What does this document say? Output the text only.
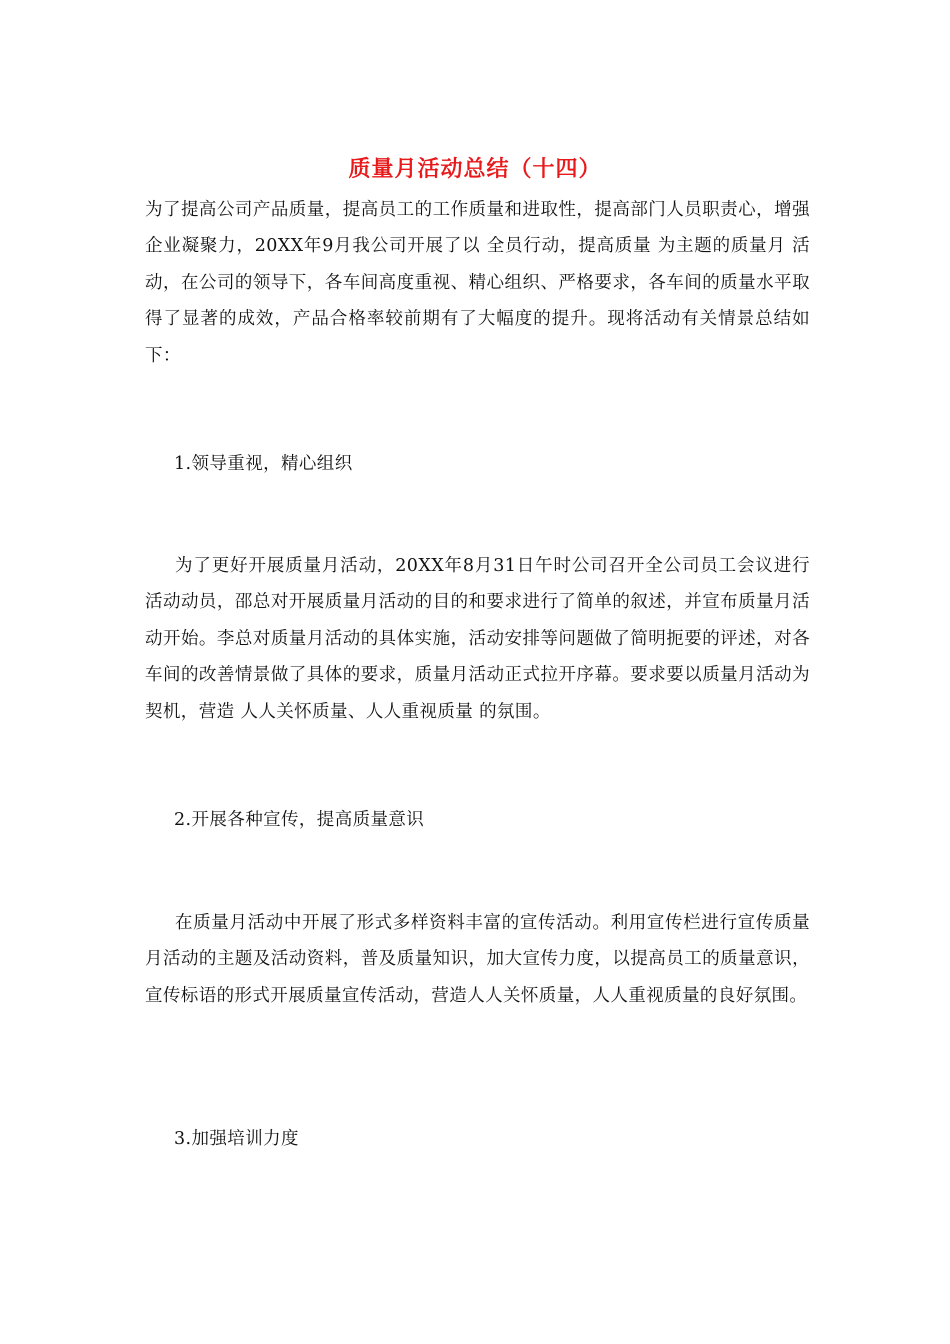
质量月活动总结（十四）

为了提高公司产品质量，提高员工的工作质量和进取性，提高部门人员职责心，增强企业凝聚力，20XX年9月我公司开展了以 全员行动，提高质量 为主题的质量月 活动，在公司的领导下，各车间高度重视、精心组织、严格要求，各车间的质量水平取得了显著的成效，产品合格率较前期有了大幅度的提升。现将活动有关情景总结如下：

1.领导重视，精心组织

为了更好开展质量月活动，20XX年8月31日午时公司召开全公司员工会议进行活动动员，邵总对开展质量月活动的目的和要求进行了简单的叙述，并宣布质量月活动开始。李总对质量月活动的具体实施，活动安排等问题做了简明扼要的评述，对各车间的改善情景做了具体的要求，质量月活动正式拉开序幕。要求要以质量月活动为契机，营造 人人关怀质量、人人重视质量 的氛围。

2.开展各种宣传，提高质量意识

在质量月活动中开展了形式多样资料丰富的宣传活动。利用宣传栏进行宣传质量月活动的主题及活动资料，普及质量知识，加大宣传力度，以提高员工的质量意识，宣传标语的形式开展质量宣传活动，营造人人关怀质量，人人重视质量的良好氛围。

3.加强培训力度
